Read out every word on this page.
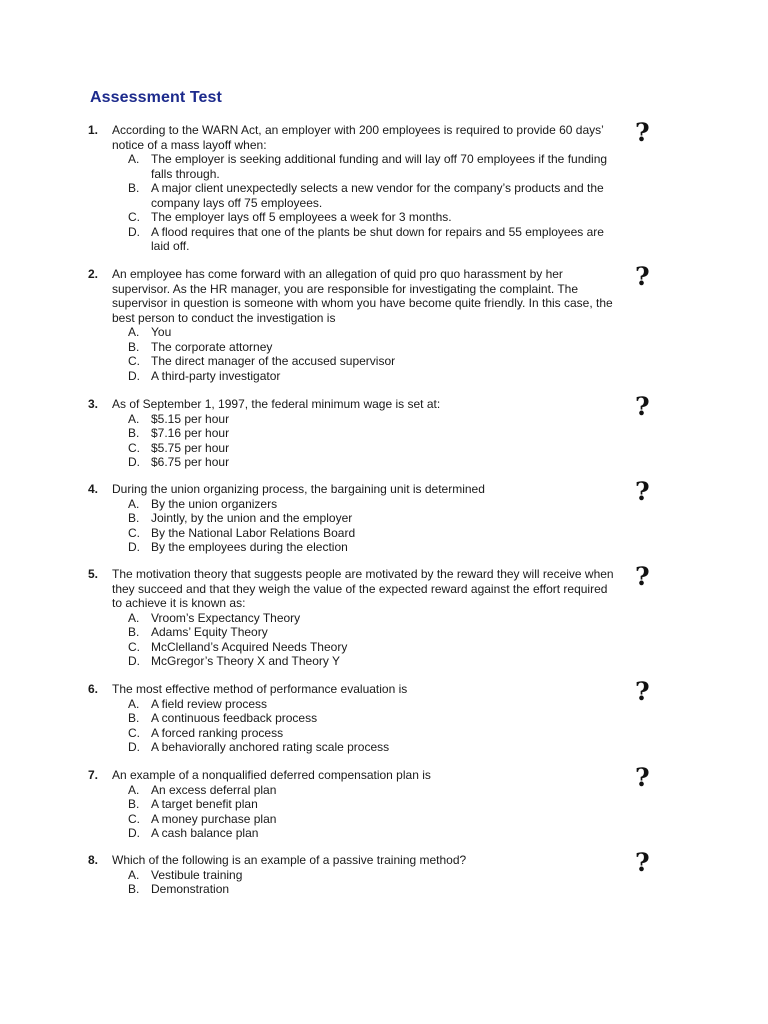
Assessment Test
1.	According to the WARN Act, an employer with 200 employees is required to provide 60 days’ notice of a mass layoff when:
A. The employer is seeking additional funding and will lay off 70 employees if the funding falls through.
B. A major client unexpectedly selects a new vendor for the company’s products and the company lays off 75 employees.
C. The employer lays off 5 employees a week for 3 months.
D. A flood requires that one of the plants be shut down for repairs and 55 employees are laid off.
?
2.	An employee has come forward with an allegation of quid pro quo harassment by her supervisor. As the HR manager, you are responsible for investigating the complaint. The supervisor in question is someone with whom you have become quite friendly. In this case, the best person to conduct the investigation is
A. You
B. The corporate attorney
C. The direct manager of the accused supervisor
D. A third-party investigator
?
3.	As of September 1, 1997, the federal minimum wage is set at:
A. $5.15 per hour
B. $7.16 per hour
C. $5.75 per hour
D. $6.75 per hour
?
4.	During the union organizing process, the bargaining unit is determined
A. By the union organizers
B. Jointly, by the union and the employer
C. By the National Labor Relations Board
D. By the employees during the election
?
5.	The motivation theory that suggests people are motivated by the reward they will receive when they succeed and that they weigh the value of the expected reward against the effort required to achieve it is known as:
A. Vroom’s Expectancy Theory
B. Adams’ Equity Theory
C. McClelland’s Acquired Needs Theory
D. McGregor’s Theory X and Theory Y
?
6.	The most effective method of performance evaluation is
A. A field review process
B. A continuous feedback process
C. A forced ranking process
D. A behaviorally anchored rating scale process
?
7.	An example of a nonqualified deferred compensation plan is
A. An excess deferral plan
B. A target benefit plan
C. A money purchase plan
D. A cash balance plan
?
8.	Which of the following is an example of a passive training method?
A. Vestibule training
B. Demonstration
?
